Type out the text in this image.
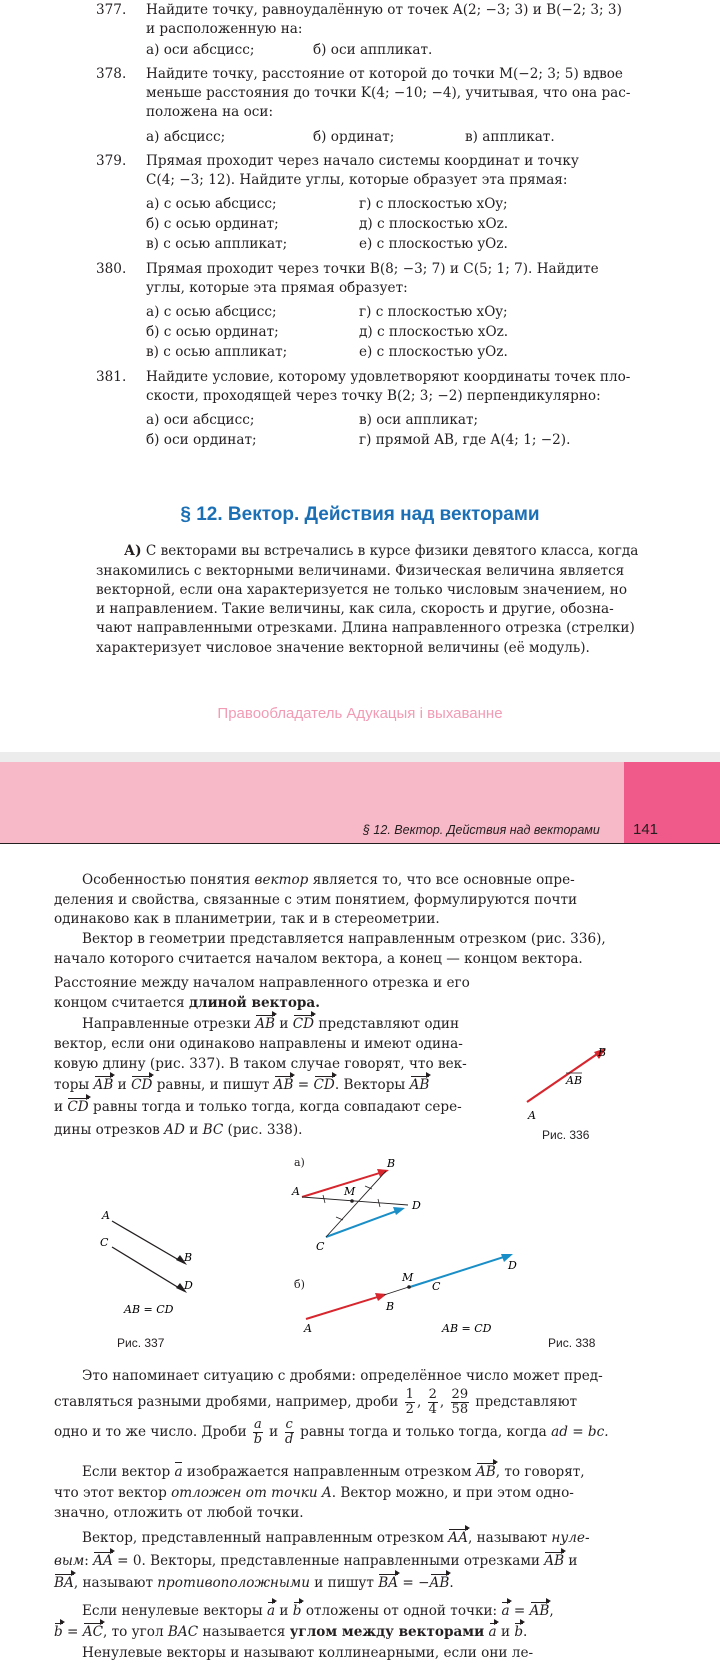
377. Найдите точку, равноудалённую от точек A(2; −3; 3) и B(−2; 3; 3)
и расположенную на:
а) оси абсцисс;	б) оси аппликат.
378. Найдите точку, расстояние от которой до точки M(−2; 3; 5) вдвое
меньше расстояния до точки K(4; −10; −4), учитывая, что она рас-
положена на оси:
а) абсцисс;	б) ординат;	в) аппликат.
379. Прямая проходит через начало системы координат и точку
C(4; −3; 12). Найдите углы, которые образует эта прямая:
а) с осью абсцисс;
б) с осью ординат;
в) с осью аппликат;
г) с плоскостью xOy;
д) с плоскостью xOz.
е) с плоскостью yOz.
380. Прямая проходит через точки B(8; −3; 7) и C(5; 1; 7). Найдите
углы, которые эта прямая образует:
а) с осью абсцисс;
б) с осью ординат;
в) с осью аппликат;
г) с плоскостью xOy;
д) с плоскостью xOz.
е) с плоскостью yOz.
381. Найдите условие, которому удовлетворяют координаты точек пло-
скости, проходящей через точку B(2; 3; −2) перпендикулярно:
а) оси абсцисс;
б) оси ординат;
в) оси аппликат;
г) прямой AB, где A(4; 1; −2).
§ 12. Вектор. Действия над векторами
А) С векторами вы встречались в курсе физики девятого класса, когда
знакомились с векторными величинами. Физическая величина является
векторной, если она характеризуется не только числовым значением, но
и направлением. Такие величины, как сила, скорость и другие, обозна-
чают направленными отрезками. Длина направленного отрезка (стрелки)
характеризует числовое значение векторной величины (её модуль).
Правообладатель Адукацыя і выхаванне
§ 12. Вектор. Действия над векторами 141
Особенностью понятия вектор является то, что все основные опре-
деления и свойства, связанные с этим понятием, формулируются почти
одинаково как в планиметрии, так и в стереометрии.
Вектор в геометрии представляется направленным отрезком (рис. 336),
начало которого считается началом вектора, а конец — концом вектора.
Расстояние между началом направленного отрезка и его
концом считается длиной вектора.
Направленные отрезки AB и CD представляют один
вектор, если они одинаково направлены и имеют одина-
ковую длину (рис. 337). В таком случае говорят, что век-
торы AB и CD равны, и пишут AB = CD. Векторы AB
и CD равны тогда и только тогда, когда совпадают сере-
дины отрезков AD и BC (рис. 338).
A
B
AB
Рис. 336
A
B
C
D
AB = CD
Рис. 337
а)
A
B
C
D
M
б)
A
B
C
D
M
AB = CD
Рис. 338
Это напоминает ситуацию с дробями: определённое число может пред-
ставляться разными дробями, например, дроби $\frac{1}{2}$ , $\frac{2}{4}$ , $\frac{29}{58}$ представляют
одно и то же число. Дроби $\frac{a}{b}$ и $\frac{c}{d}$ равны тогда и только тогда, когда ad = bc.
Если вектор a изображается направленным отрезком AB, то говорят,
что этот вектор отложен от точки A. Вектор можно, и при этом одно-
значно, отложить от любой точки.
Вектор, представленный направленным отрезком AA, называют нуле-
вым: AA = 0. Векторы, представленные направленными отрезками AB и
BA, называют противоположными и пишут BA = −AB.
Если ненулевые векторы a и b отложены от одной точки: a = AB,
b = AC, то угол BAC называется углом между векторами a и b.
Ненулевые векторы и называют коллинеарными, если они ле-
